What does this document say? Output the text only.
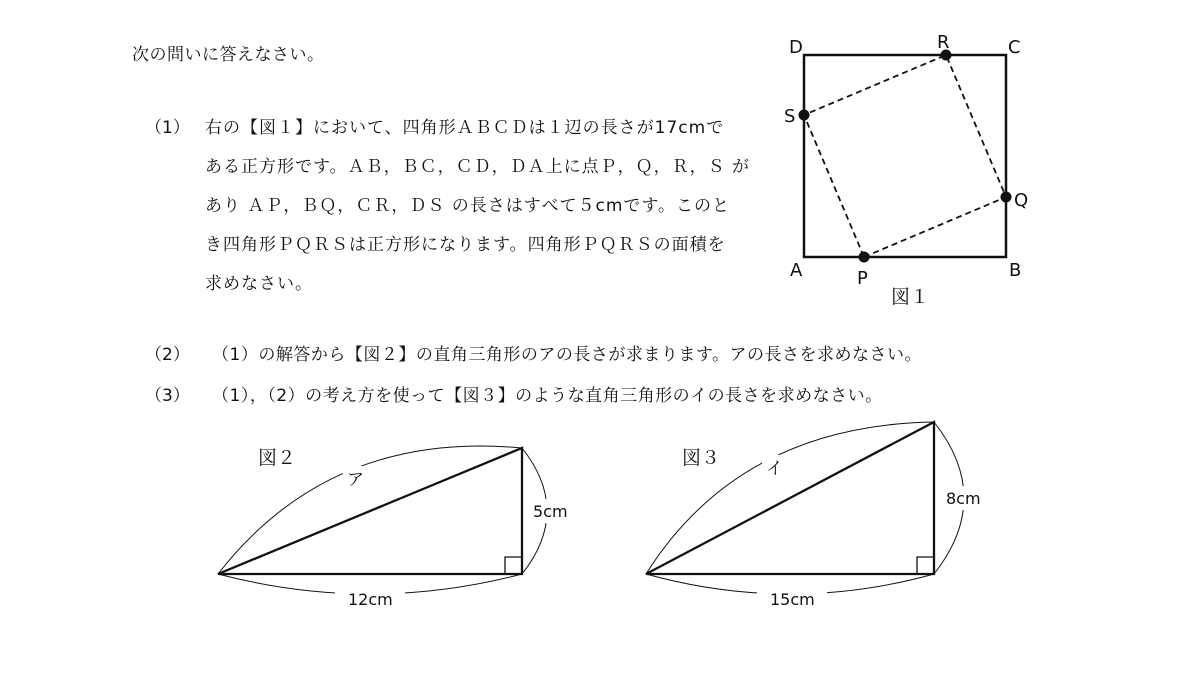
次の問いに答えなさい。
（1） 右の【図１】において、四角形ＡＢＣＤは１辺の長さが17cmで
ある正方形です。ＡＢ，ＢＣ，ＣＤ，ＤＡ上に点Ｐ，Ｑ，Ｒ，Ｓ が
あり ＡＰ，ＢＱ，ＣＲ，ＤＳ の長さはすべて５cmです。このと
き四角形ＰＱＲＳは正方形になります。四角形ＰＱＲＳの面積を
求めなさい。
（2） （1）の解答から【図２】の直角三角形のアの長さが求まります。アの長さを求めなさい。
（3） （1），（2）の考え方を使って【図３】のような直角三角形のイの長さを求めなさい。
A	B
C
D
P
Q
R
S
図１
図２
ア
5cm
12cm
図３	イ
8cm
15cm
